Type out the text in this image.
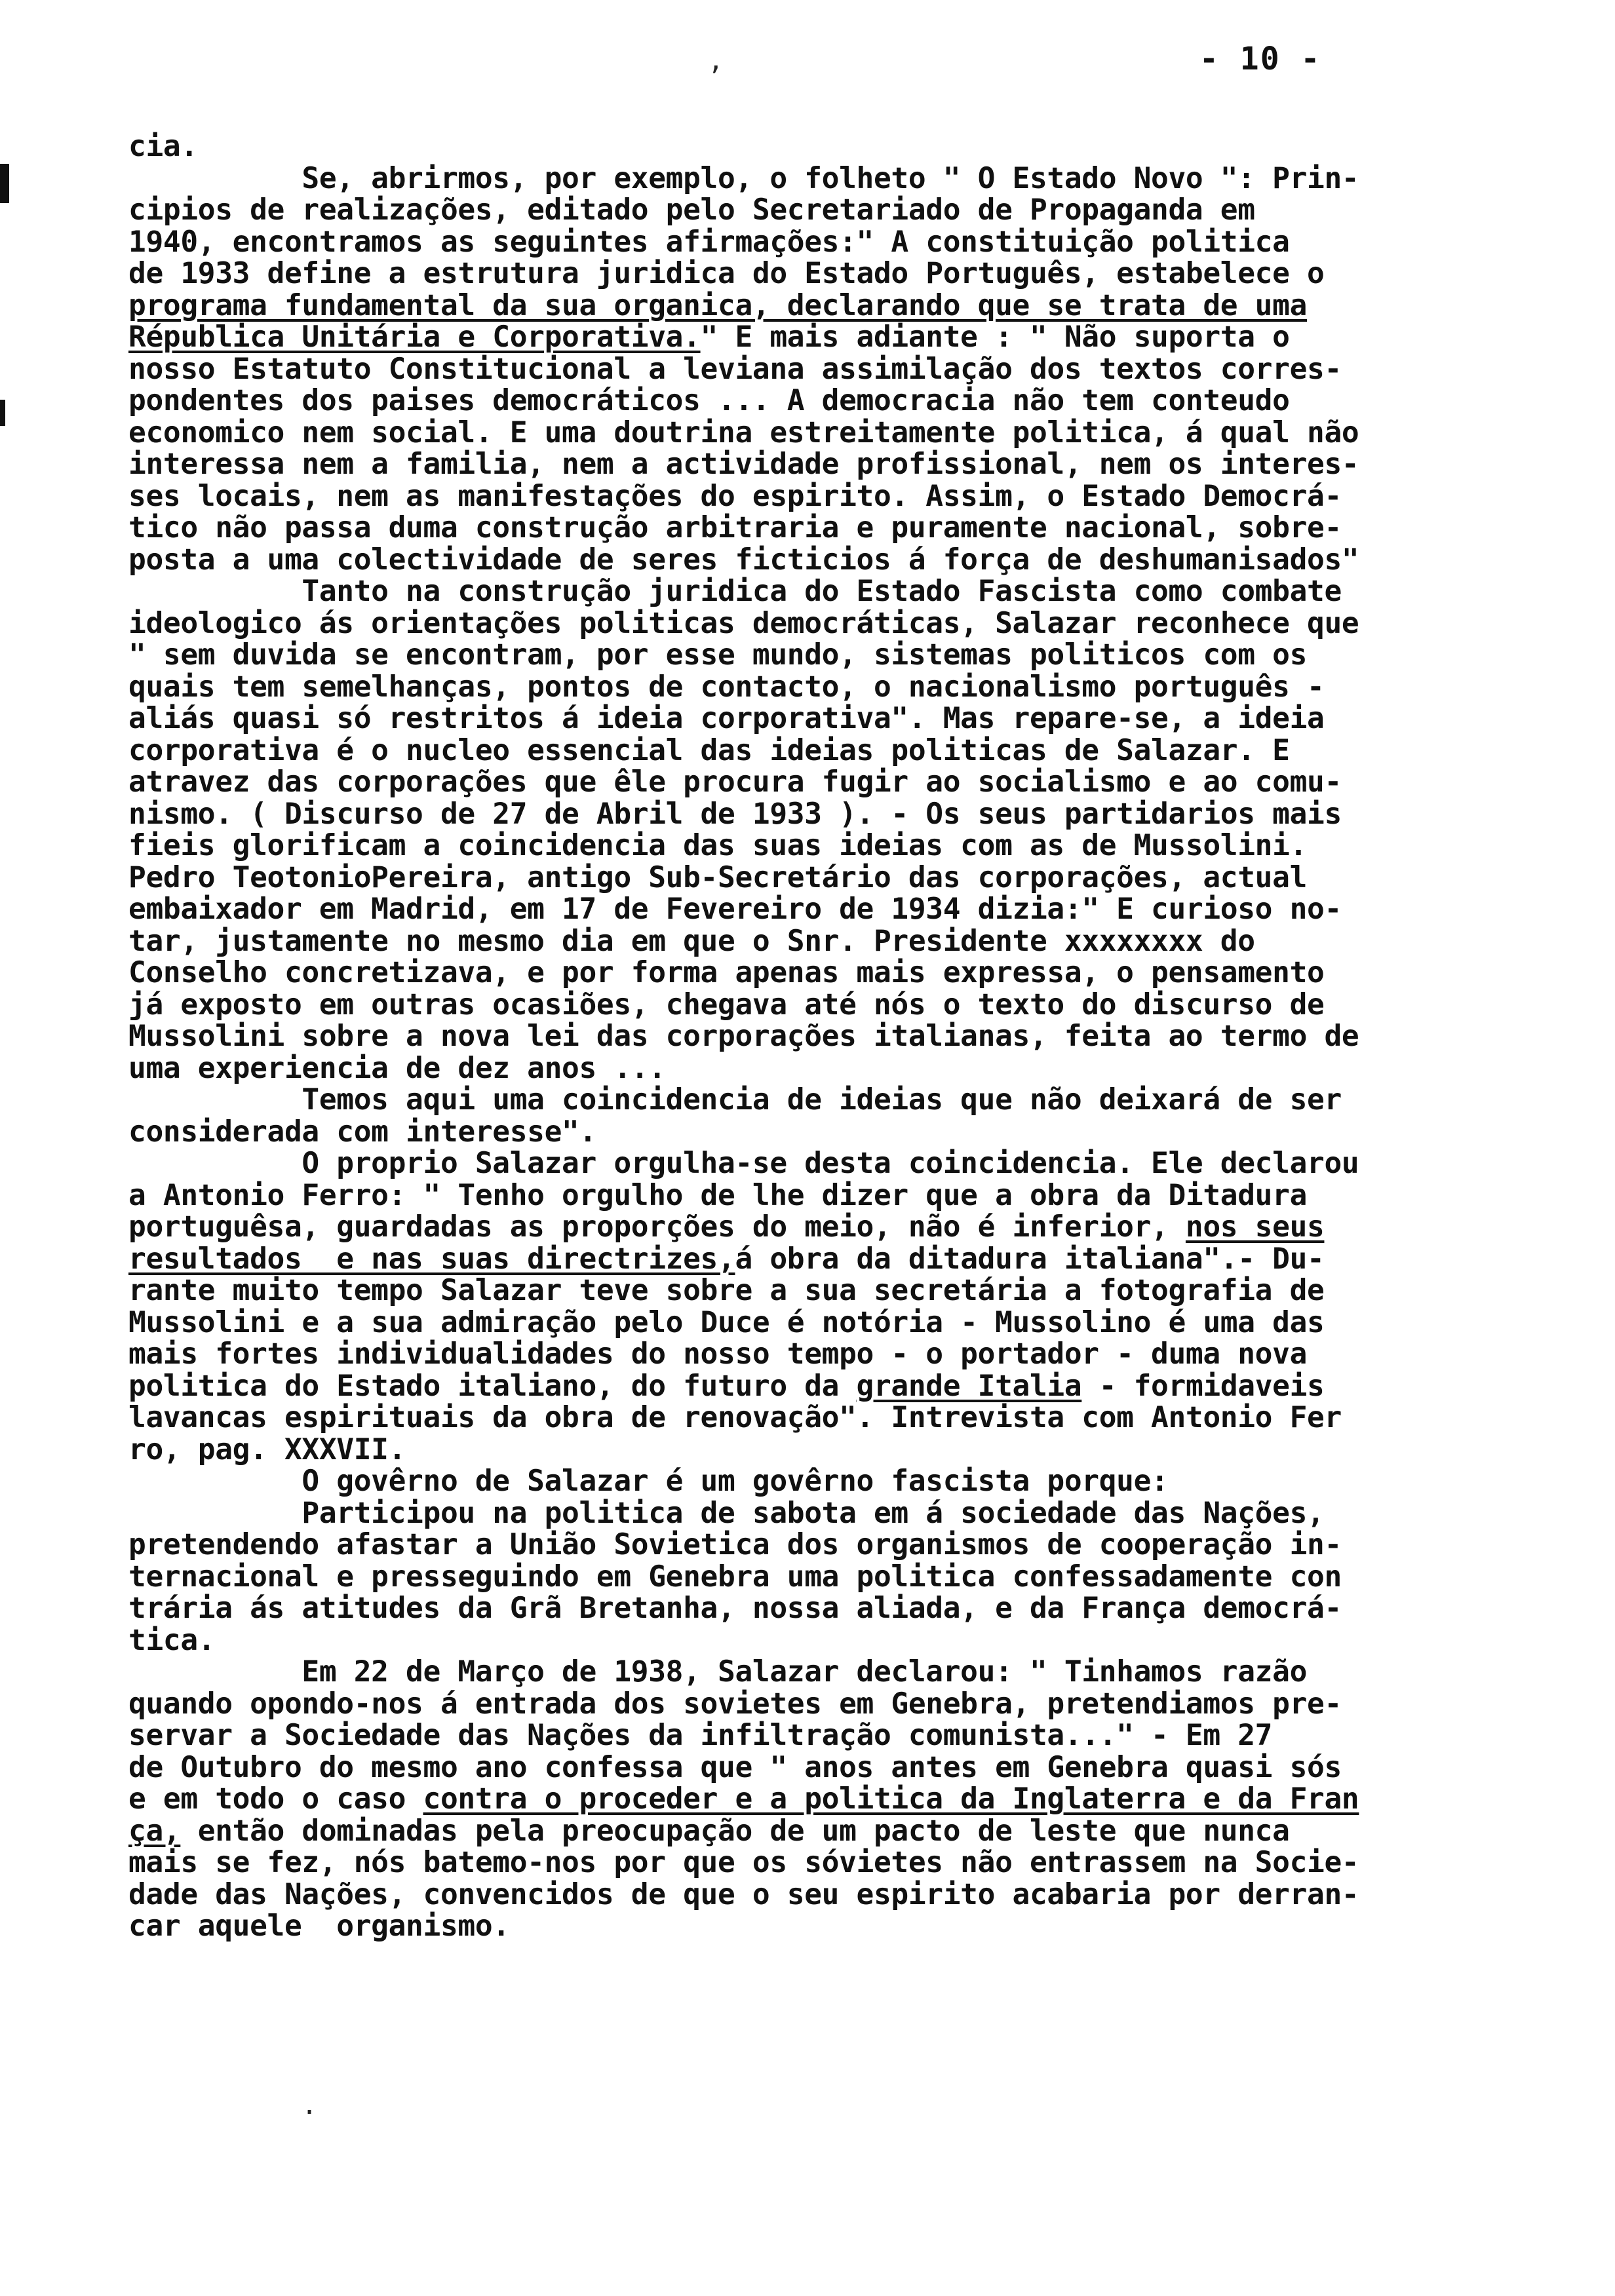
,
.
- 10 -
cia.
Se, abrirmos, por exemplo, o folheto " O Estado Novo ": Prin-
cipios de realizações, editado pelo Secretariado de Propaganda em
1940, encontramos as seguintes afirmações:" A constituição politica
de 1933 define a estrutura juridica do Estado Português, estabelece o
programa fundamental da sua organica, declarando que se trata de uma
Républica Unitária e Corporativa." E mais adiante : " Não suporta o
nosso Estatuto Constitucional a leviana assimilação dos textos corres-
pondentes dos paises democráticos ... A democracia não tem conteudo
economico nem social. E uma doutrina estreitamente politica, á qual não
interessa nem a familia, nem a actividade profissional, nem os interes-
ses locais, nem as manifestações do espirito. Assim, o Estado Democrá-
tico não passa duma construção arbitraria e puramente nacional, sobre-
posta a uma colectividade de seres ficticios á força de deshumanisados"
Tanto na construção juridica do Estado Fascista como combate
ideologico ás orientações politicas democráticas, Salazar reconhece que
" sem duvida se encontram, por esse mundo, sistemas politicos com os
quais tem semelhanças, pontos de contacto, o nacionalismo português -
aliás quasi só restritos á ideia corporativa". Mas repare-se, a ideia
corporativa é o nucleo essencial das ideias politicas de Salazar. E
atravez das corporações que êle procura fugir ao socialismo e ao comu-
nismo. ( Discurso de 27 de Abril de 1933 ). - Os seus partidarios mais
fieis glorificam a coincidencia das suas ideias com as de Mussolini.
Pedro TeotonioPereira, antigo Sub-Secretário das corporações, actual
embaixador em Madrid, em 17 de Fevereiro de 1934 dizia:" E curioso no-
tar, justamente no mesmo dia em que o Snr. Presidente xxxxxxxx do
Conselho concretizava, e por forma apenas mais expressa, o pensamento
já exposto em outras ocasiões, chegava até nós o texto do discurso de
Mussolini sobre a nova lei das corporações italianas, feita ao termo de
uma experiencia de dez anos ...
Temos aqui uma coincidencia de ideias que não deixará de ser
considerada com interesse".
O proprio Salazar orgulha-se desta coincidencia. Ele declarou
a Antonio Ferro: " Tenho orgulho de lhe dizer que a obra da Ditadura
portuguêsa, guardadas as proporções do meio, não é inferior, nos seus
resultados  e nas suas directrizes,á obra da ditadura italiana".- Du-
rante muito tempo Salazar teve sobre a sua secretária a fotografia de
Mussolini e a sua admiração pelo Duce é notória - Mussolino é uma das
mais fortes individualidades do nosso tempo - o portador - duma nova
politica do Estado italiano, do futuro da grande Italia - formidaveis
lavancas espirituais da obra de renovação". Intrevista com Antonio Fer
ro, pag. XXXVII.
O govêrno de Salazar é um govêrno fascista porque:
Participou na politica de sabota em á sociedade das Nações,
pretendendo afastar a União Sovietica dos organismos de cooperação in-
ternacional e presseguindo em Genebra uma politica confessadamente con
trária ás atitudes da Grã Bretanha, nossa aliada, e da França democrá-
tica.
Em 22 de Março de 1938, Salazar declarou: " Tinhamos razão
quando opondo-nos á entrada dos sovietes em Genebra, pretendiamos pre-
servar a Sociedade das Nações da infiltração comunista..." - Em 27
de Outubro do mesmo ano confessa que " anos antes em Genebra quasi sós
e em todo o caso contra o proceder e a politica da Inglaterra e da Fran
ça, então dominadas pela preocupação de um pacto de leste que nunca
mais se fez, nós batemo-nos por que os sóvietes não entrassem na Socie-
dade das Nações, convencidos de que o seu espirito acabaria por derran-
car aquele  organismo.
